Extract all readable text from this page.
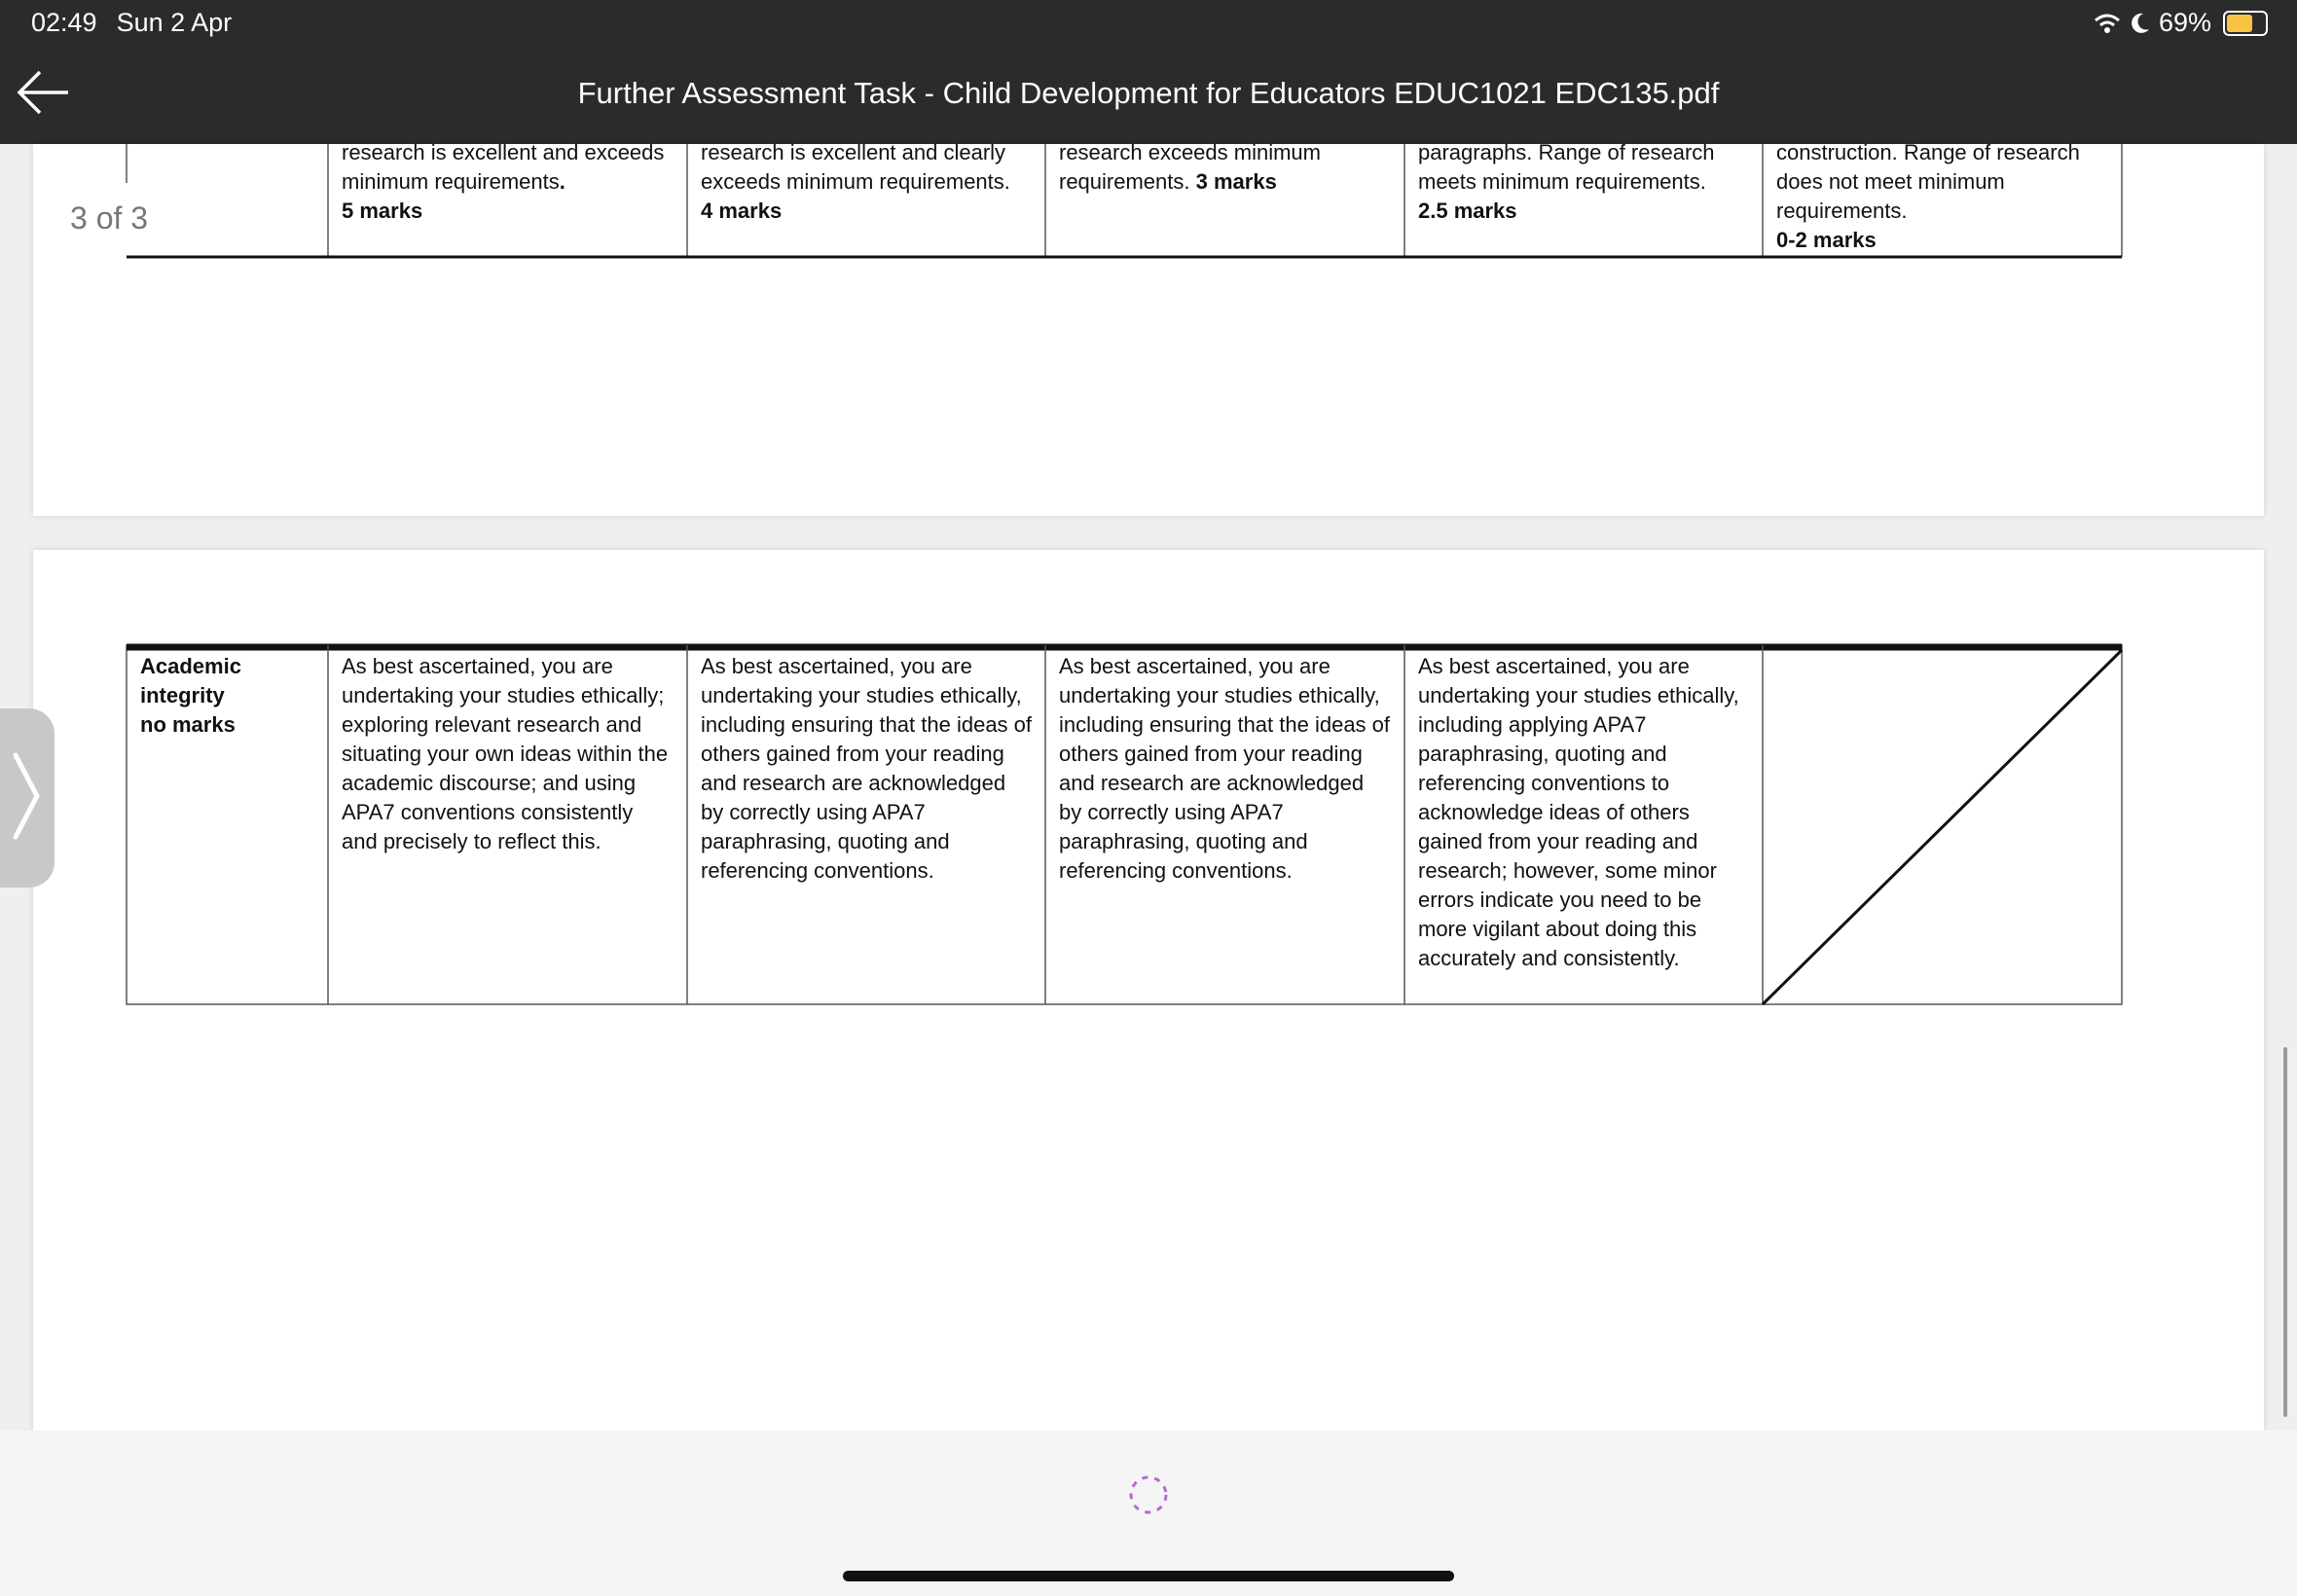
02:49 Sun 2 Apr	69%
Further Assessment Task - Child Development for Educators EDUC1021 EDC135.pdf
research is excellent and exceeds minimum requirements.
5 marks
research is excellent and clearly exceeds minimum requirements.
4 marks
research exceeds minimum requirements. 3 marks
paragraphs. Range of research meets minimum requirements.
2.5 marks
construction. Range of research does not meet minimum requirements.
0-2 marks
3 of 3
Academic
integrity
no marks
As best ascertained, you are undertaking your studies ethically; exploring relevant research and situating your own ideas within the academic discourse; and using APA7 conventions consistently and precisely to reflect this.
As best ascertained, you are undertaking your studies ethically, including ensuring that the ideas of others gained from your reading and research are acknowledged by correctly using APA7 paraphrasing, quoting and referencing conventions.
As best ascertained, you are undertaking your studies ethically, including ensuring that the ideas of others gained from your reading and research are acknowledged by correctly using APA7 paraphrasing, quoting and referencing conventions.
As best ascertained, you are undertaking your studies ethically, including applying APA7 paraphrasing, quoting and referencing conventions to acknowledge ideas of others gained from your reading and research; however, some minor errors indicate you need to be more vigilant about doing this accurately and consistently.
